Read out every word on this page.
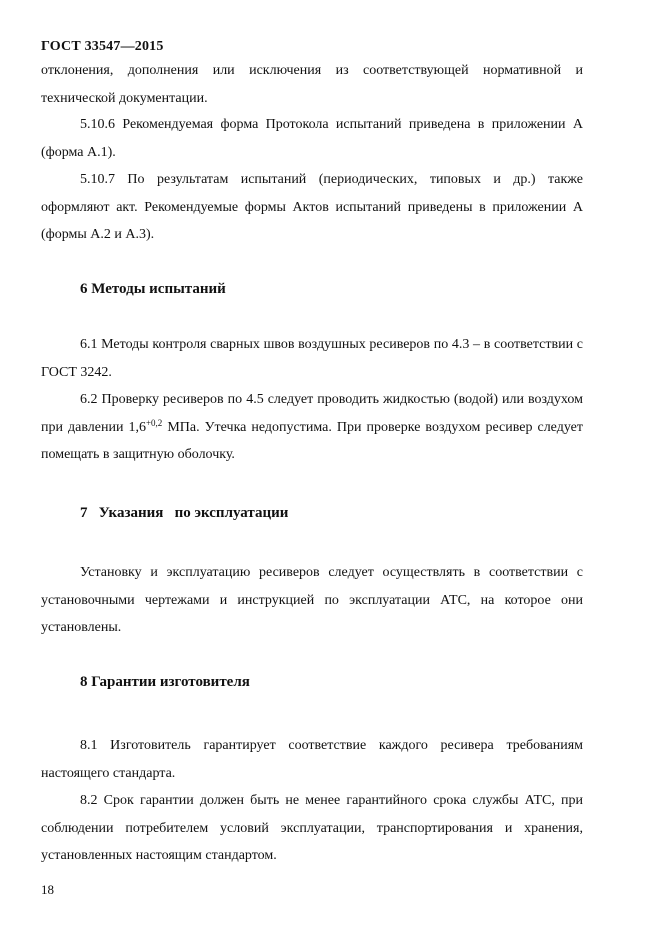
ГОСТ 33547—2015
отклонения, дополнения или исключения из соответствующей нормативной и технической документации.
5.10.6 Рекомендуемая форма Протокола испытаний приведена в приложении А (форма А.1).
5.10.7 По результатам испытаний (периодических, типовых и др.) также оформляют акт. Рекомендуемые формы Актов испытаний приведены в приложении А (формы А.2 и А.3).
6 Методы испытаний
6.1 Методы контроля сварных швов воздушных ресиверов по 4.3 – в соответствии с ГОСТ 3242.
6.2 Проверку ресиверов по 4.5 следует проводить жидкостью (водой) или воздухом при давлении $1,6^{+0,2}$ МПа. Утечка недопустима. При проверке воздухом ресивер следует помещать в защитную оболочку.
7   Указания   по эксплуатации
Установку и эксплуатацию ресиверов следует осуществлять в соответствии с установочными чертежами и инструкцией по эксплуатации АТС, на которое они установлены.
8 Гарантии изготовителя
8.1 Изготовитель гарантирует соответствие каждого ресивера требованиям настоящего стандарта.
8.2 Срок гарантии должен быть не менее гарантийного срока службы АТС, при соблюдении потребителем условий эксплуатации, транспортирования и хранения, установленных настоящим стандартом.
18
